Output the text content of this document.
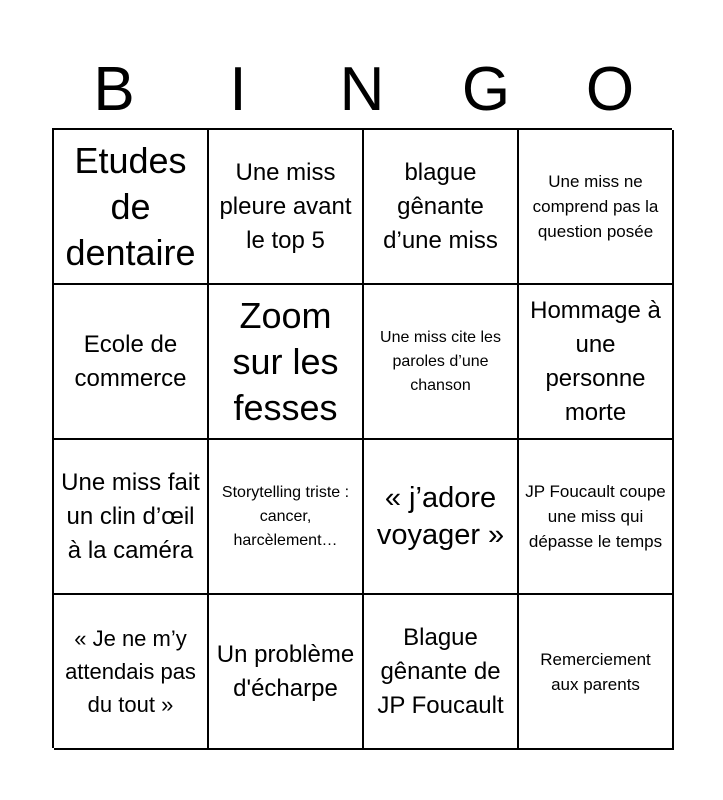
B	I	N	G	O
Etudes de dentaire
Une miss pleure avant le top 5
blague gênante d’une miss
Une miss ne comprend pas la question posée
Ecole de commerce
Zoom sur les fesses
Une miss cite les paroles d’une chanson
Hommage à une personne morte
Une miss fait un clin d’œil à la caméra
Storytelling triste : cancer, harcèlement…
« j’adore voyager »
JP Foucault coupe une miss qui dépasse le temps
« Je ne m’y attendais pas du tout »
Un problème d'écharpe
Blague gênante de JP Foucault
Remerciement aux parents
